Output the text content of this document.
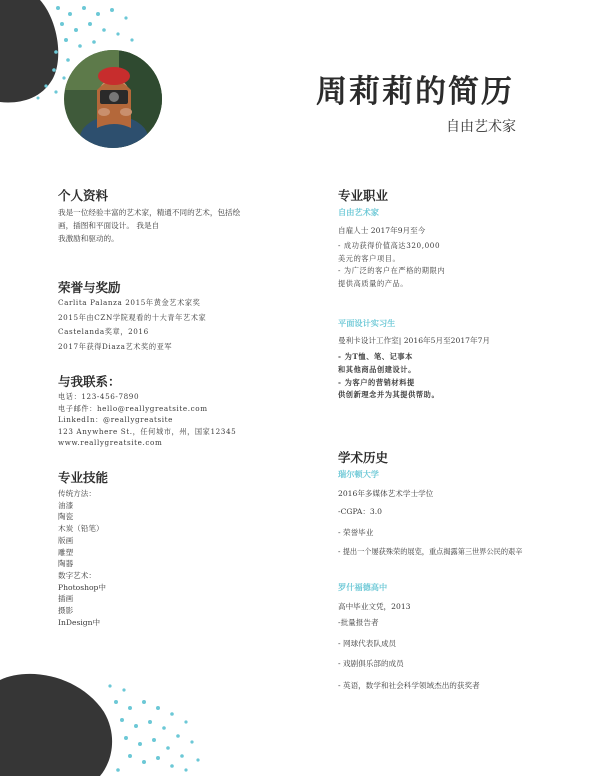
周莉莉的简历
自由艺术家
个人资料
我是一位经验丰富的艺术家，精通不同的艺术，包括绘
画，插图和平面设计。 我是自
我激励和驱动的。
荣誉与奖励
Carlita Palanza 2015年黄金艺术家奖
2015年由CZN学院观看的十大青年艺术家
Castelanda奖章，2016
2017年获得Diaza艺术奖的亚军
与我联系：
电话：123-456-7890
电子邮件：hello@reallygreatsite.com
LinkedIn：@reallygreatsite
123 Anywhere St.，任何城市，州，国家12345
www.reallygreatsite.com
专业技能
传统方法：
油漆
陶瓷
木炭（铅笔）
版画
雕塑
陶器
数字艺术：
Photoshop中
插画
摄影
InDesign中
专业职业
自由艺术家
自雇人士 2017年9月至今
- 成功获得价值高达320,000
美元的客户项目。
- 为广泛的客户在严格的期限内
提供高质量的产品。
平面设计实习生
曼利卡设计工作室| 2016年5月至2017年7月
- 为T恤、笔、记事本
和其他商品创建设计。
- 为客户的营销材料提
供创新理念并为其提供帮助。
学术历史
瑞尔顿大学
2016年多媒体艺术学士学位
-CGPA：3.0
- 荣誉毕业
- 提出一个屡获殊荣的展览，重点揭露第三世界公民的艰辛
罗什福德高中
高中毕业文凭，2013
-批量报告者
- 网球代表队成员
- 戏剧俱乐部的成员
- 英语，数学和社会科学领域杰出的获奖者
